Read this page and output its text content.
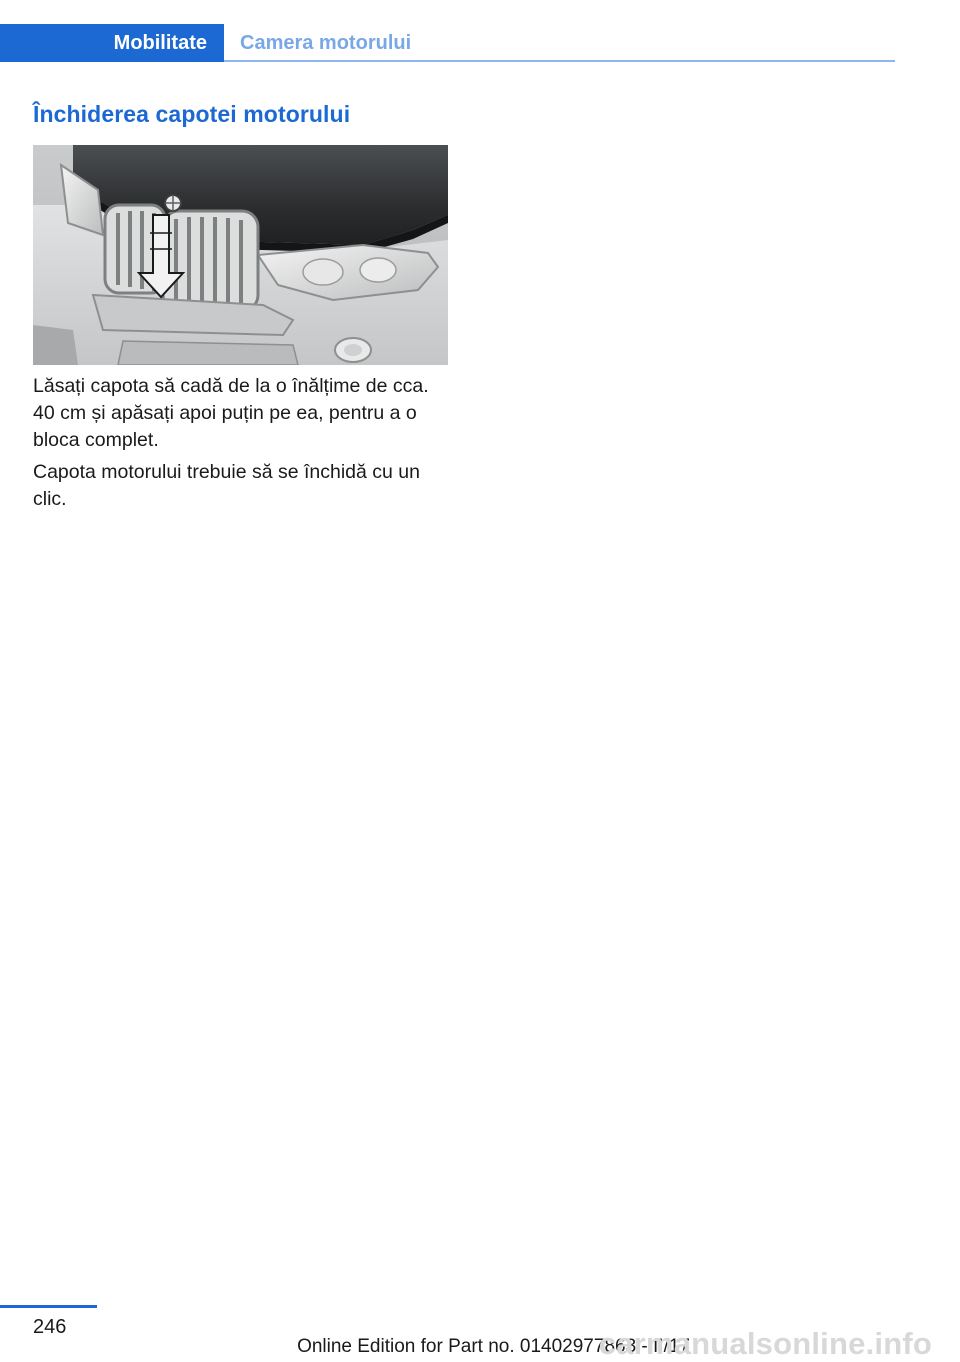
Mobilitate	Camera motorului
Închiderea capotei motorului

Lăsați capota să cadă de la o înălțime de cca. 40 cm și apăsați apoi puțin pe ea, pentru a o bloca complet.

Capota motorului trebuie să se închidă cu un clic.

246
Online Edition for Part no. 01402977863 - II/17
carmanualsonline.info
